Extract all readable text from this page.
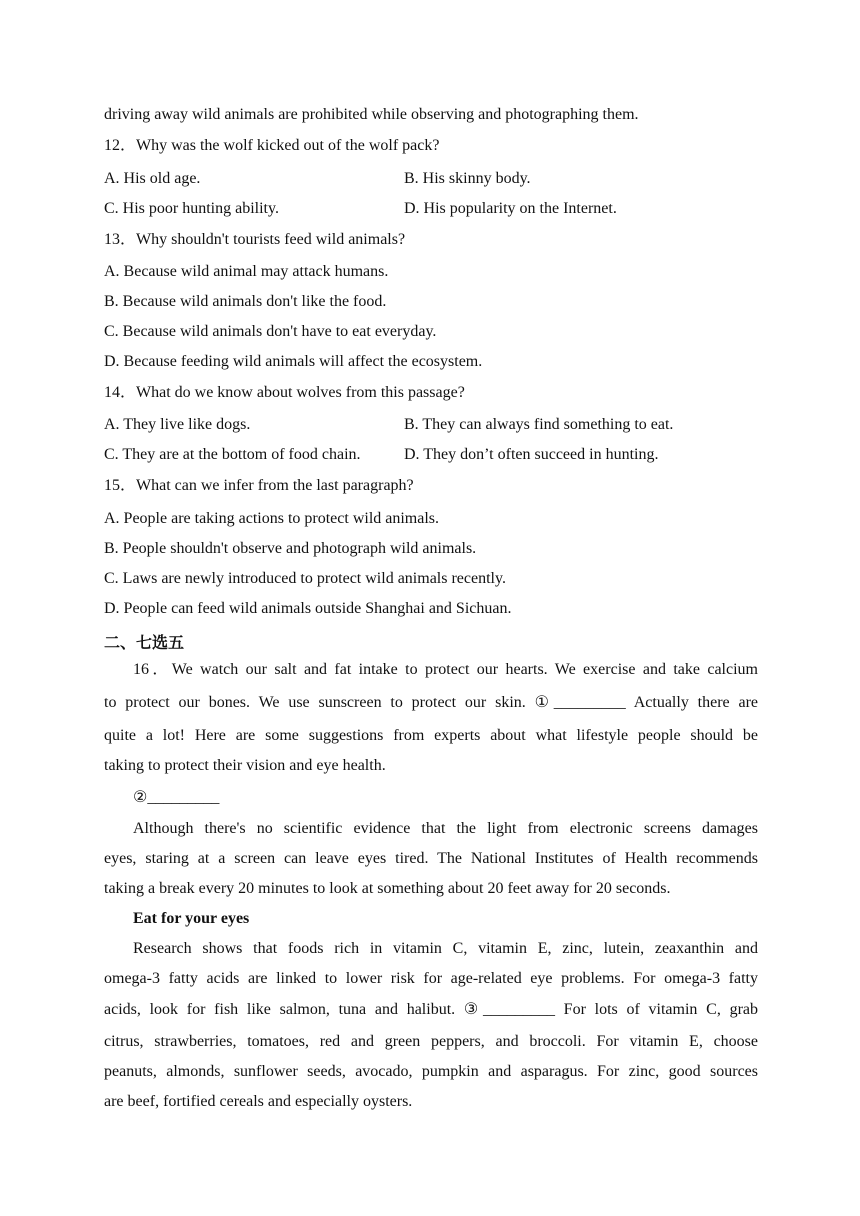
driving away wild animals are prohibited while observing and photographing them.
12．Why was the wolf kicked out of the wolf pack?
A. His old age.	B. His skinny body.
C. His poor hunting ability.	D. His popularity on the Internet.
13．Why shouldn't tourists feed wild animals?
A. Because wild animal may attack humans.
B. Because wild animals don't like the food.
C. Because wild animals don't have to eat everyday.
D. Because feeding wild animals will affect the ecosystem.
14．What do we know about wolves from this passage?
A. They live like dogs.	B. They can always find something to eat.
C. They are at the bottom of food chain.	D. They don’t often succeed in hunting.
15．What can we infer from the last paragraph?
A. People are taking actions to protect wild animals.
B. People shouldn't observe and photograph wild animals.
C. Laws are newly introduced to protect wild animals recently.
D. People can feed wild animals outside Shanghai and Sichuan.
二、七选五
16．We watch our salt and fat intake to protect our hearts. We exercise and take calcium
to protect our bones. We use sunscreen to protect our skin. ①_________ Actually there are
quite a lot! Here are some suggestions from experts about what lifestyle people should be
taking to protect their vision and eye health.
②_________
Although there's no scientific evidence that the light from electronic screens damages
eyes, staring at a screen can leave eyes tired. The National Institutes of Health recommends
taking a break every 20 minutes to look at something about 20 feet away for 20 seconds.
Eat for your eyes
Research shows that foods rich in vitamin C, vitamin E, zinc, lutein, zeaxanthin and
omega-3 fatty acids are linked to lower risk for age-related eye problems. For omega-3 fatty
acids, look for fish like salmon, tuna and halibut. ③_________ For lots of vitamin C, grab
citrus, strawberries, tomatoes, red and green peppers, and broccoli. For vitamin E, choose
peanuts, almonds, sunflower seeds, avocado, pumpkin and asparagus. For zinc, good sources
are beef, fortified cereals and especially oysters.
